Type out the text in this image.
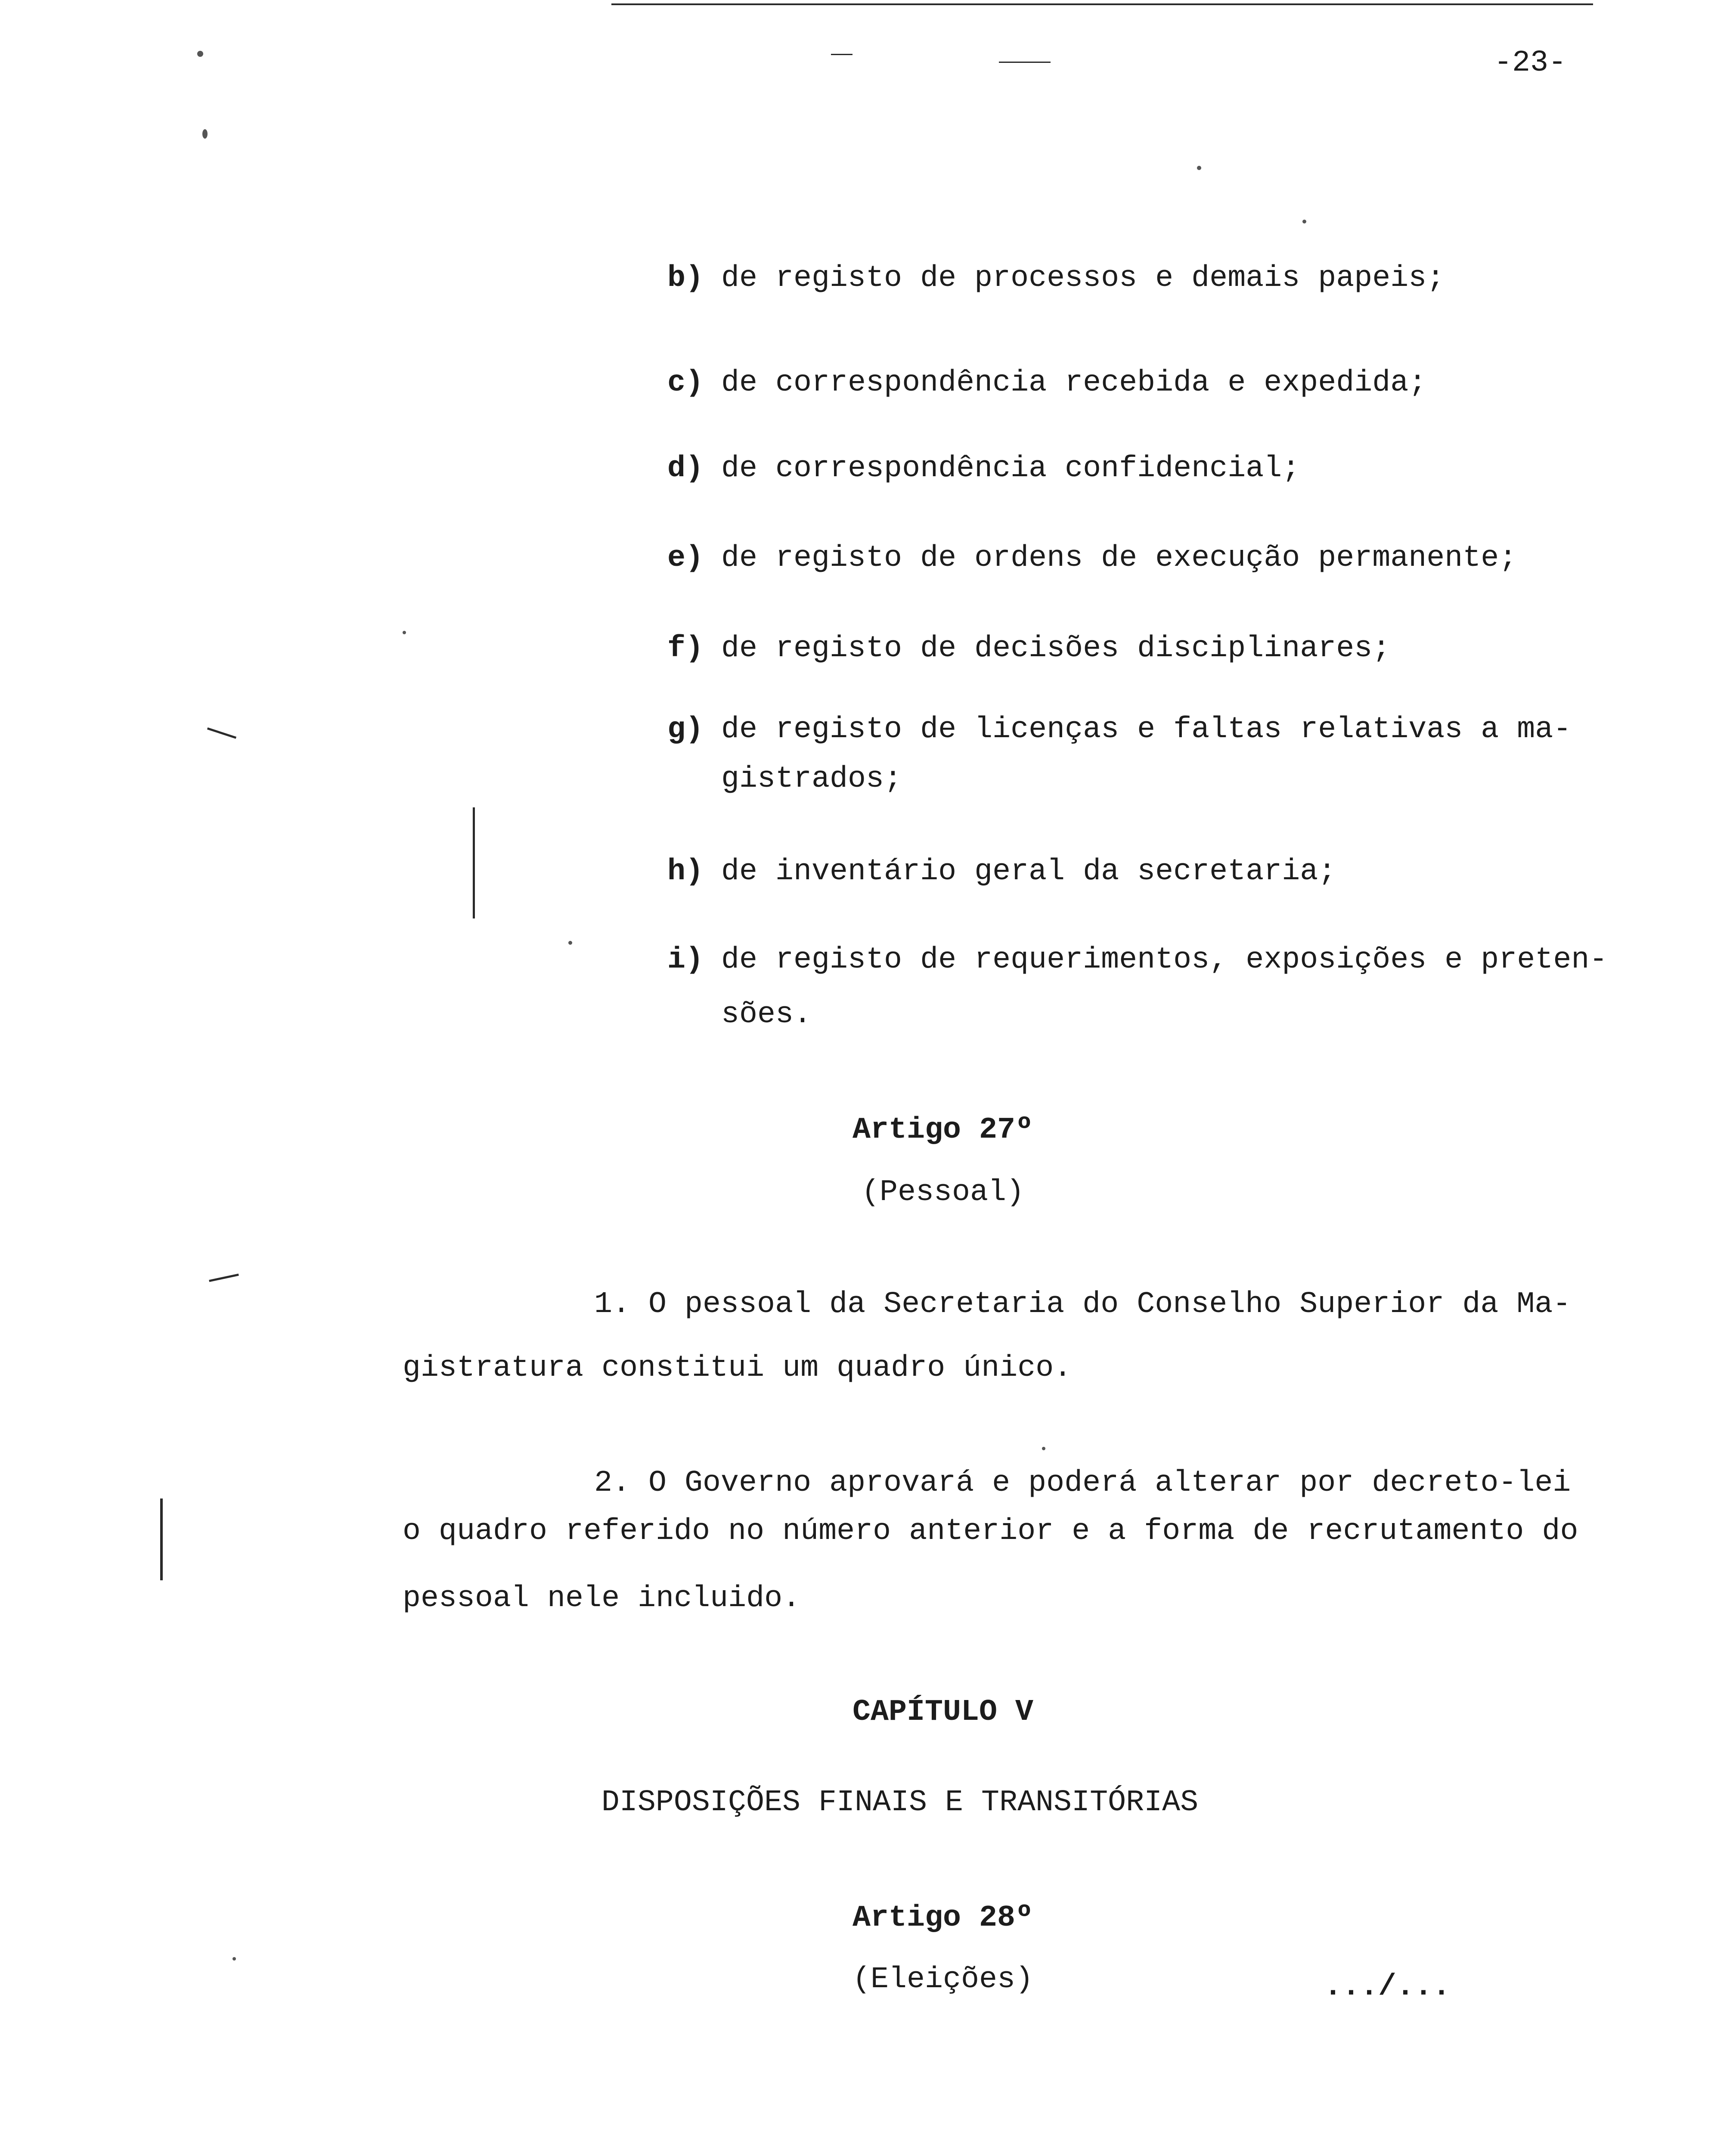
-23-
b) de registo de processos e demais papeis;
c) de correspondência recebida e expedida;
d) de correspondência confidencial;
e) de registo de ordens de execução permanente;
f) de registo de decisões disciplinares;
g) de registo de licenças e faltas relativas a ma-
gistrados;
h) de inventário geral da secretaria;
i) de registo de requerimentos, exposições e preten-
sões.
Artigo 27º
(Pessoal)
1. O pessoal da Secretaria do Conselho Superior da Ma-
gistratura constitui um quadro único.
2. O Governo aprovará e poderá alterar por decreto-lei
o quadro referido no número anterior e a forma de recrutamento do
pessoal nele incluido.
CAPÍTULO V
DISPOSIÇÕES FINAIS E TRANSITÓRIAS
Artigo 28º
(Eleições)	.../...
